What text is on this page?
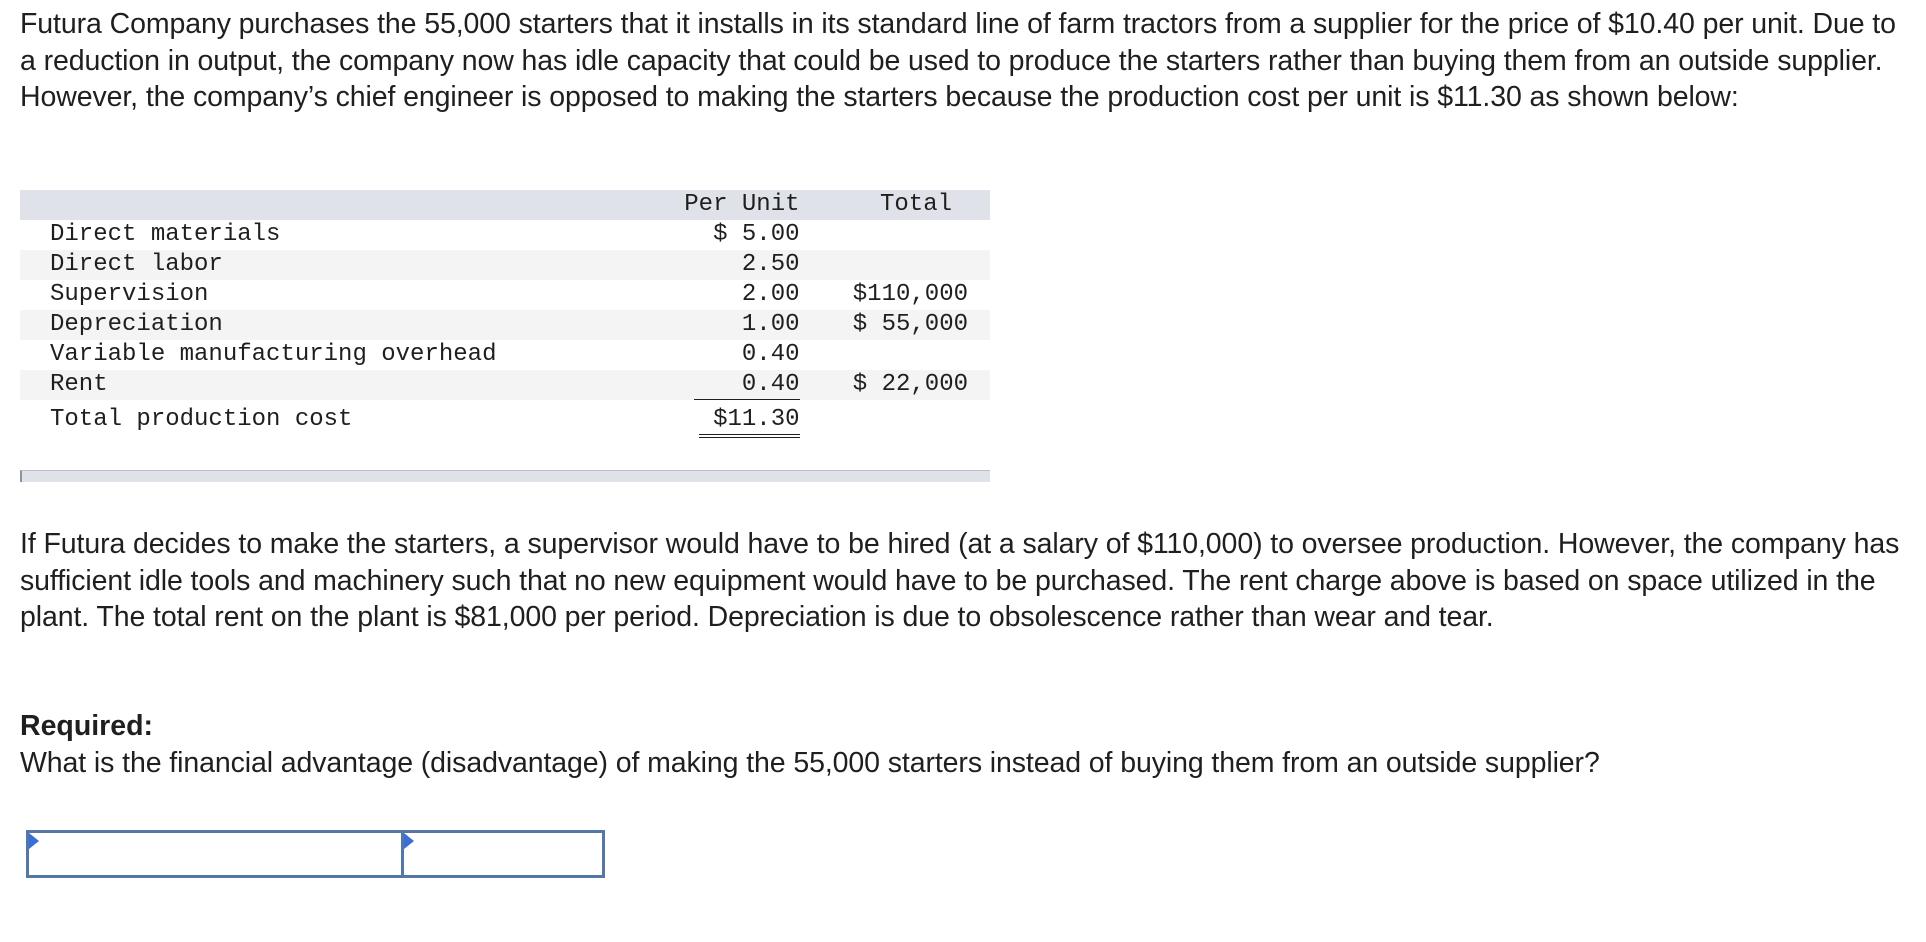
Futura Company purchases the 55,000 starters that it installs in its standard line of farm tractors from a supplier for the price of $10.40 per unit. Due to a reduction in output, the company now has idle capacity that could be used to produce the starters rather than buying them from an outside supplier. However, the company’s chief engineer is opposed to making the starters because the production cost per unit is $11.30 as shown below:

	Per Unit	Total
Direct materials	$ 5.00	
Direct labor	2.50	
Supervision	2.00	$110,000
Depreciation	1.00	$ 55,000
Variable manufacturing overhead	0.40	
Rent	0.40	$ 22,000
Total production cost	$11.30	

If Futura decides to make the starters, a supervisor would have to be hired (at a salary of $110,000) to oversee production. However, the company has sufficient idle tools and machinery such that no new equipment would have to be purchased. The rent charge above is based on space utilized in the plant. The total rent on the plant is $81,000 per period. Depreciation is due to obsolescence rather than wear and tear.

Required:

What is the financial advantage (disadvantage) of making the 55,000 starters instead of buying them from an outside supplier?
